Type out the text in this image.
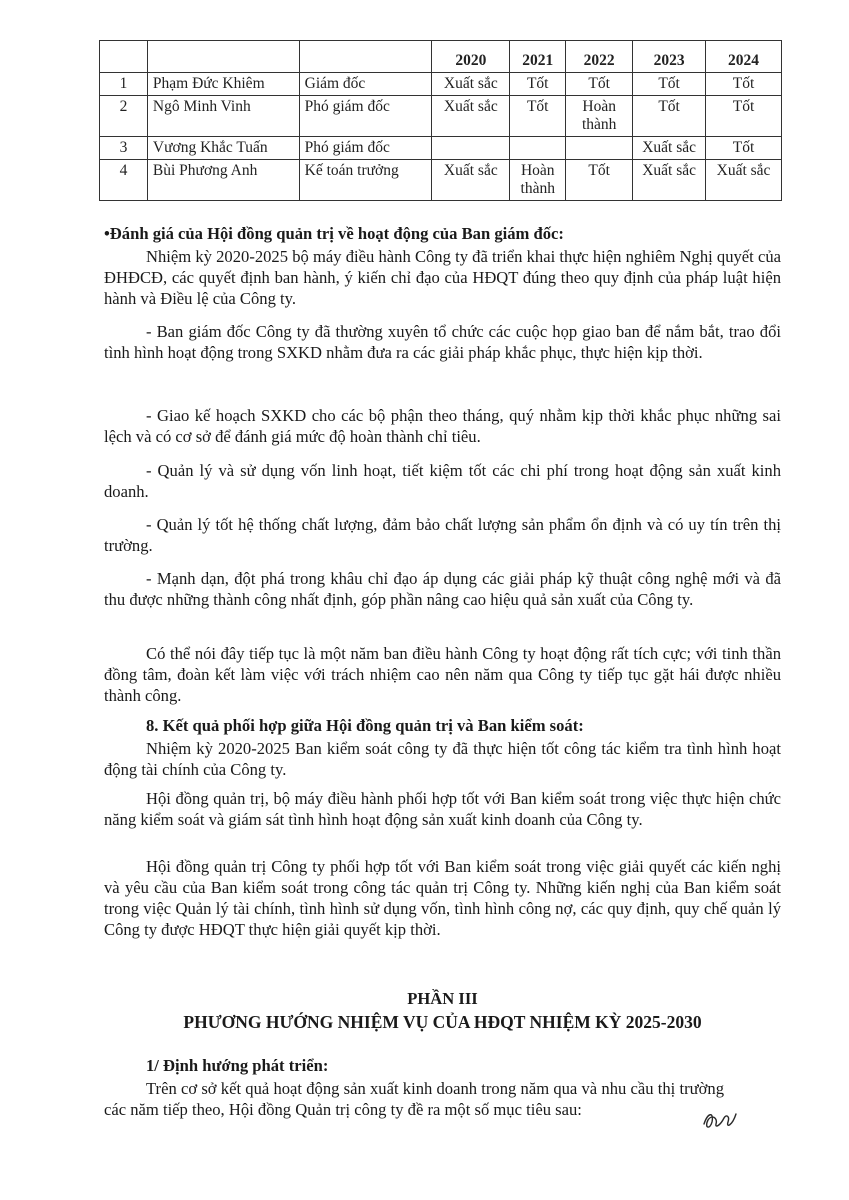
			2020	2021	2022	2023	2024
1	Phạm Đức Khiêm	Giám đốc	Xuất sắc	Tốt	Tốt	Tốt	Tốt
2	Ngô Minh Vinh	Phó giám đốc	Xuất sắc	Tốt	Hoàn thành	Tốt	Tốt
3	Vương Khắc Tuấn	Phó giám đốc				Xuất sắc	Tốt
4	Bùi Phương Anh	Kế toán trưởng	Xuất sắc	Hoàn thành	Tốt	Xuất sắc	Xuất sắc

•Đánh giá của Hội đồng quản trị về hoạt động của Ban giám đốc:

Nhiệm kỳ 2020-2025 bộ máy điều hành Công ty đã triển khai thực hiện nghiêm Nghị quyết của ĐHĐCĐ, các quyết định ban hành, ý kiến chỉ đạo của HĐQT đúng theo quy định của pháp luật hiện hành và Điều lệ của Công ty.

- Ban giám đốc Công ty đã thường xuyên tổ chức các cuộc họp giao ban để nắm bắt, trao đổi tình hình hoạt động trong SXKD nhằm đưa ra các giải pháp khắc phục, thực hiện kịp thời.

- Giao kế hoạch SXKD cho các bộ phận theo tháng, quý nhằm kịp thời khắc phục những sai lệch và có cơ sở để đánh giá mức độ hoàn thành chỉ tiêu.

- Quản lý và sử dụng vốn linh hoạt, tiết kiệm tốt các chi phí trong hoạt động sản xuất kinh doanh.

- Quản lý tốt hệ thống chất lượng, đảm bảo chất lượng sản phẩm ổn định và có uy tín trên thị trường.

- Mạnh dạn, đột phá trong khâu chỉ đạo áp dụng các giải pháp kỹ thuật công nghệ mới và đã thu được những thành công nhất định, góp phần nâng cao hiệu quả sản xuất của Công ty.

Có thể nói đây tiếp tục là một năm ban điều hành Công ty hoạt động rất tích cực; với tinh thần đồng tâm, đoàn kết làm việc với trách nhiệm cao nên năm qua Công ty tiếp tục gặt hái được nhiều thành công.

8. Kết quả phối hợp giữa Hội đồng quản trị và Ban kiểm soát:

Nhiệm kỳ 2020-2025 Ban kiểm soát công ty đã thực hiện tốt công tác kiểm tra tình hình hoạt động tài chính của Công ty.

Hội đồng quản trị, bộ máy điều hành phối hợp tốt với Ban kiểm soát trong việc thực hiện chức năng kiểm soát và giám sát tình hình hoạt động sản xuất kinh doanh của Công ty.

Hội đồng quản trị Công ty phối hợp tốt với Ban kiểm soát trong việc giải quyết các kiến nghị và yêu cầu của Ban kiểm soát trong công tác quản trị Công ty. Những kiến nghị của Ban kiểm soát trong việc Quản lý tài chính, tình hình sử dụng vốn, tình hình công nợ, các quy định, quy chế quản lý Công ty được HĐQT thực hiện giải quyết kịp thời.

PHẦN III

PHƯƠNG HƯỚNG NHIỆM VỤ CỦA HĐQT NHIỆM KỲ 2025-2030

1/ Định hướng phát triển:

Trên cơ sở kết quả hoạt động sản xuất kinh doanh trong năm qua và nhu cầu thị trường các năm tiếp theo, Hội đồng Quản trị công ty đề ra một số mục tiêu sau:
